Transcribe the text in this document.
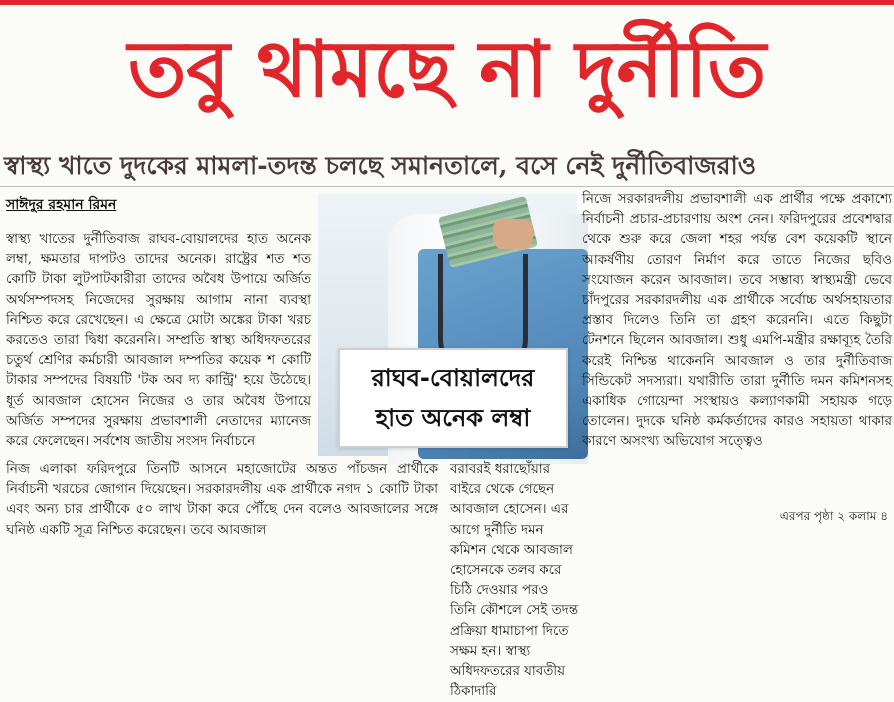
তবু থামছে না দুর্নীতি
স্বাস্থ্য খাতে দুদকের মামলা-তদন্ত চলছে সমানতালে, বসে নেই দুর্নীতিবাজরাও
সাঈদুর রহমান রিমন

স্বাস্থ্য খাতের দুর্নীতিবাজ রাঘব-বোয়ালদের হাত অনেক লম্বা, ক্ষমতার দাপটও তাদের অনেক। রাষ্ট্রের শত শত কোটি টাকা লুটপাটকারীরা তাদের অবৈধ উপায়ে অর্জিত অর্থসম্পদসহ নিজেদের সুরক্ষায় আগাম নানা ব্যবস্থা নিশ্চিত করে রেখেছেন। এ ক্ষেত্রে মোটা অঙ্কের টাকা খরচ করতেও তারা দ্বিধা করেননি। সম্প্রতি স্বাস্থ্য অধিদফতরের চতুর্থ শ্রেণির কর্মচারী আবজাল দম্পতির কয়েক শ কোটি টাকার সম্পদের বিষয়টি 'টক অব দ্য কান্ট্রি' হয়ে উঠেছে। ধূর্ত আবজাল হোসেন নিজের ও তার অবৈধ উপায়ে অর্জিত সম্পদের সুরক্ষায় প্রভাবশালী নেতাদের ম্যানেজ করে ফেলেছেন। সর্বশেষ জাতীয় সংসদ নির্বাচনে

রাঘব-বোয়ালদের
হাত অনেক লম্বা

নিজে সরকারদলীয় প্রভাবশালী এক প্রার্থীর পক্ষে প্রকাশ্যে নির্বাচনী প্রচার-প্রচারণায় অংশ নেন। ফরিদপুরের প্রবেশদ্বার থেকে শুরু করে জেলা শহর পর্যন্ত বেশ কয়েকটি স্থানে আকর্ষণীয় তোরণ নির্মাণ করে তাতে নিজের ছবিও সংযোজন করেন আবজাল। তবে সম্ভাব্য স্বাস্থ্যমন্ত্রী ভেবে চাঁদপুরের সরকারদলীয় এক প্রার্থীকে সর্বোচ্চ অর্থসহায়তার প্রস্তাব দিলেও তিনি তা গ্রহণ করেননি। এতে কিছুটা টেনশনে ছিলেন আবজাল। শুধু এমপি-মন্ত্রীর রক্ষাব্যূহ তৈরি করেই নিশ্চিন্ত থাকেননি আবজাল ও তার দুর্নীতিবাজ সিন্ডিকেট সদস্যরা। যথারীতি তারা দুর্নীতি দমন কমিশনসহ একাধিক গোয়েন্দা সংস্থায়ও কল্যাণকামী সহায়ক গড়ে তোলেন। দুদকে ঘনিষ্ঠ কর্মকর্তাদের কারও সহায়তা থাকার কারণে অসংখ্য অভিযোগ সত্ত্বেও

নিজ এলাকা ফরিদপুরে তিনটি আসনে মহাজোটের অন্তত পাঁচজন প্রার্থীকে নির্বাচনী খরচের জোগান দিয়েছেন। সরকারদলীয় এক প্রার্থীকে নগদ ১ কোটি টাকা এবং অন্য চার প্রার্থীকে ৫০ লাখ টাকা করে পৌঁছে দেন বলেও আবজালের সঙ্গে ঘনিষ্ঠ একটি সূত্র নিশ্চিত করেছেন। তবে আবজাল
বরাবরই ধরাছোঁয়ার বাইরে থেকে গেছেন আবজাল হোসেন। এর আগে দুর্নীতি দমন কমিশন থেকে আবজাল হোসেনকে তলব করে চিঠি দেওয়ার পরও তিনি কৌশলে সেই তদন্ত প্রক্রিয়া ধামাচাপা দিতে সক্ষম হন। স্বাস্থ্য অধিদফতরের যাবতীয় ঠিকাদারি
এরপর পৃষ্ঠা ২ কলাম ৪
